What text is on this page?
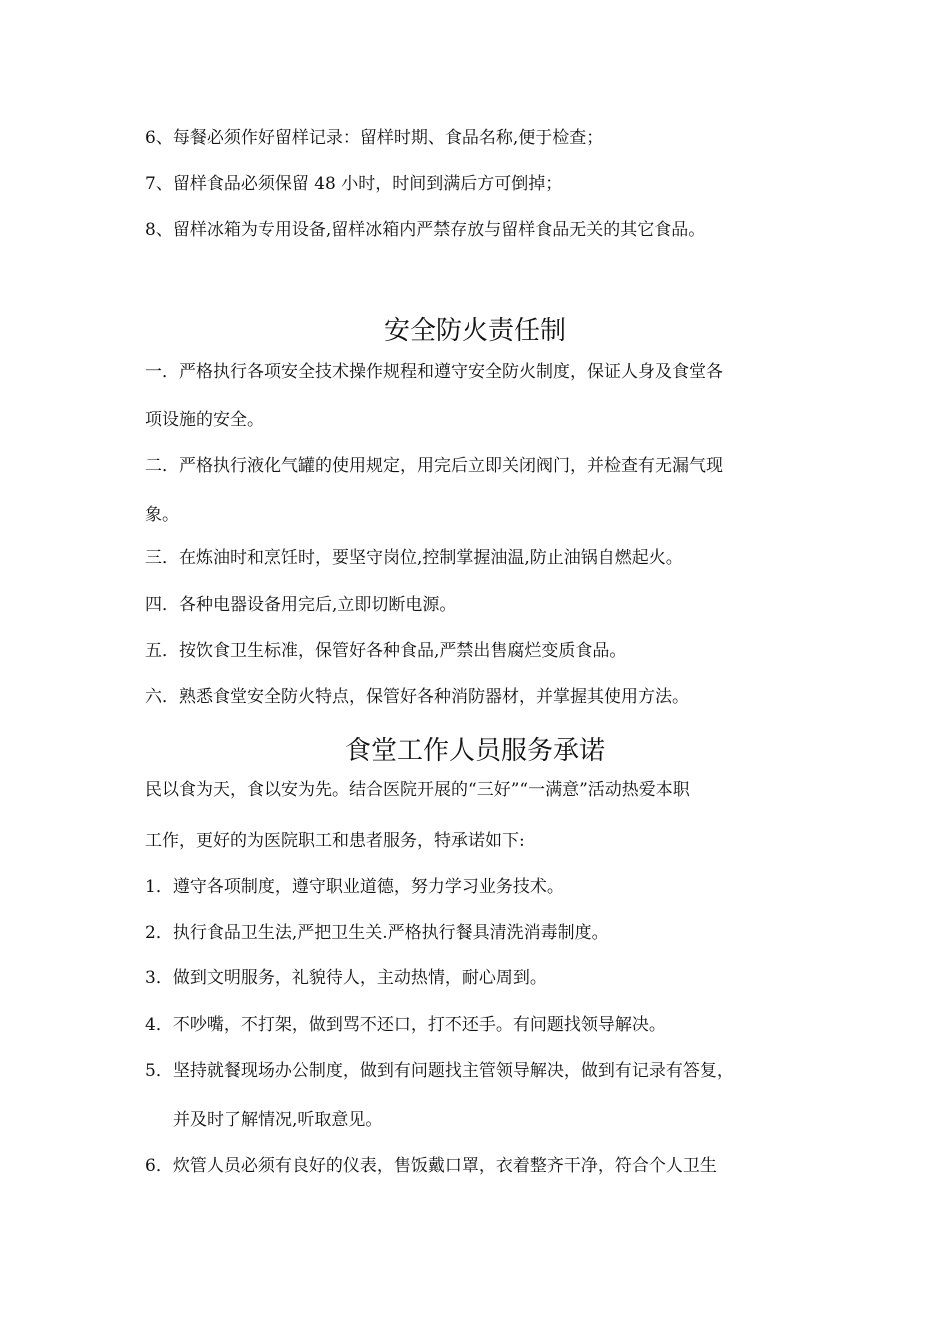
6、每餐必须作好留样记录：留样时期、食品名称,便于检查；
7、留样食品必须保留 48 小时，时间到满后方可倒掉；
8、留样冰箱为专用设备,留样冰箱内严禁存放与留样食品无关的其它食品。
安全防火责任制
一．严格执行各项安全技术操作规程和遵守安全防火制度，保证人身及食堂各
项设施的安全。
二．严格执行液化气罐的使用规定，用完后立即关闭阀门，并检查有无漏气现
象。
三．在炼油时和烹饪时，要坚守岗位,控制掌握油温,防止油锅自燃起火。
四．各种电器设备用完后,立即切断电源。
五．按饮食卫生标准，保管好各种食品,严禁出售腐烂变质食品。
六．熟悉食堂安全防火特点，保管好各种消防器材，并掌握其使用方法。
食堂工作人员服务承诺
民以食为天，食以安为先。结合医院开展的“三好”“一满意”活动热爱本职
工作，更好的为医院职工和患者服务，特承诺如下:
1．遵守各项制度，遵守职业道德，努力学习业务技术。
2．执行食品卫生法,严把卫生关.严格执行餐具清洗消毒制度。
3．做到文明服务，礼貌待人，主动热情，耐心周到。
4．不吵嘴，不打架，做到骂不还口，打不还手。有问题找领导解决。
5．坚持就餐现场办公制度，做到有问题找主管领导解决，做到有记录有答复，
并及时了解情况,听取意见。
6．炊管人员必须有良好的仪表，售饭戴口罩，衣着整齐干净，符合个人卫生
